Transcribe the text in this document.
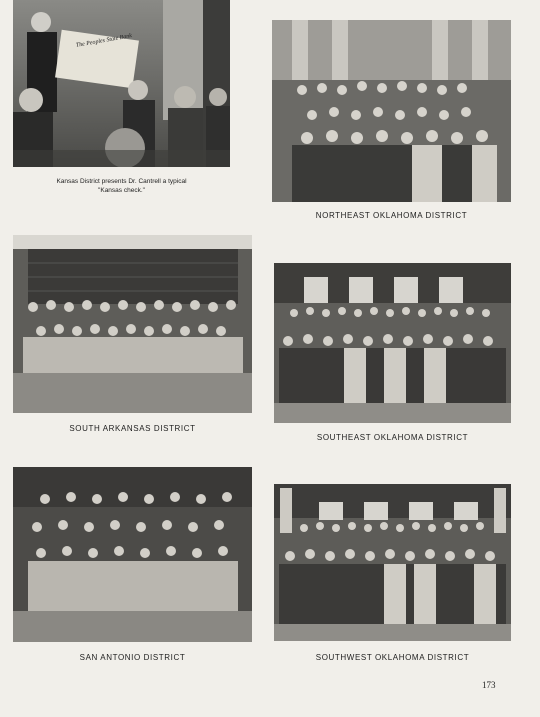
The Peoples State Bank
Kansas District presents Dr. Cantrell a typical
"Kansas check."
NORTHEAST OKLAHOMA DISTRICT
SOUTH ARKANSAS DISTRICT
SOUTHEAST OKLAHOMA DISTRICT
SAN ANTONIO DISTRICT	SOUTHWEST OKLAHOMA DISTRICT
173
